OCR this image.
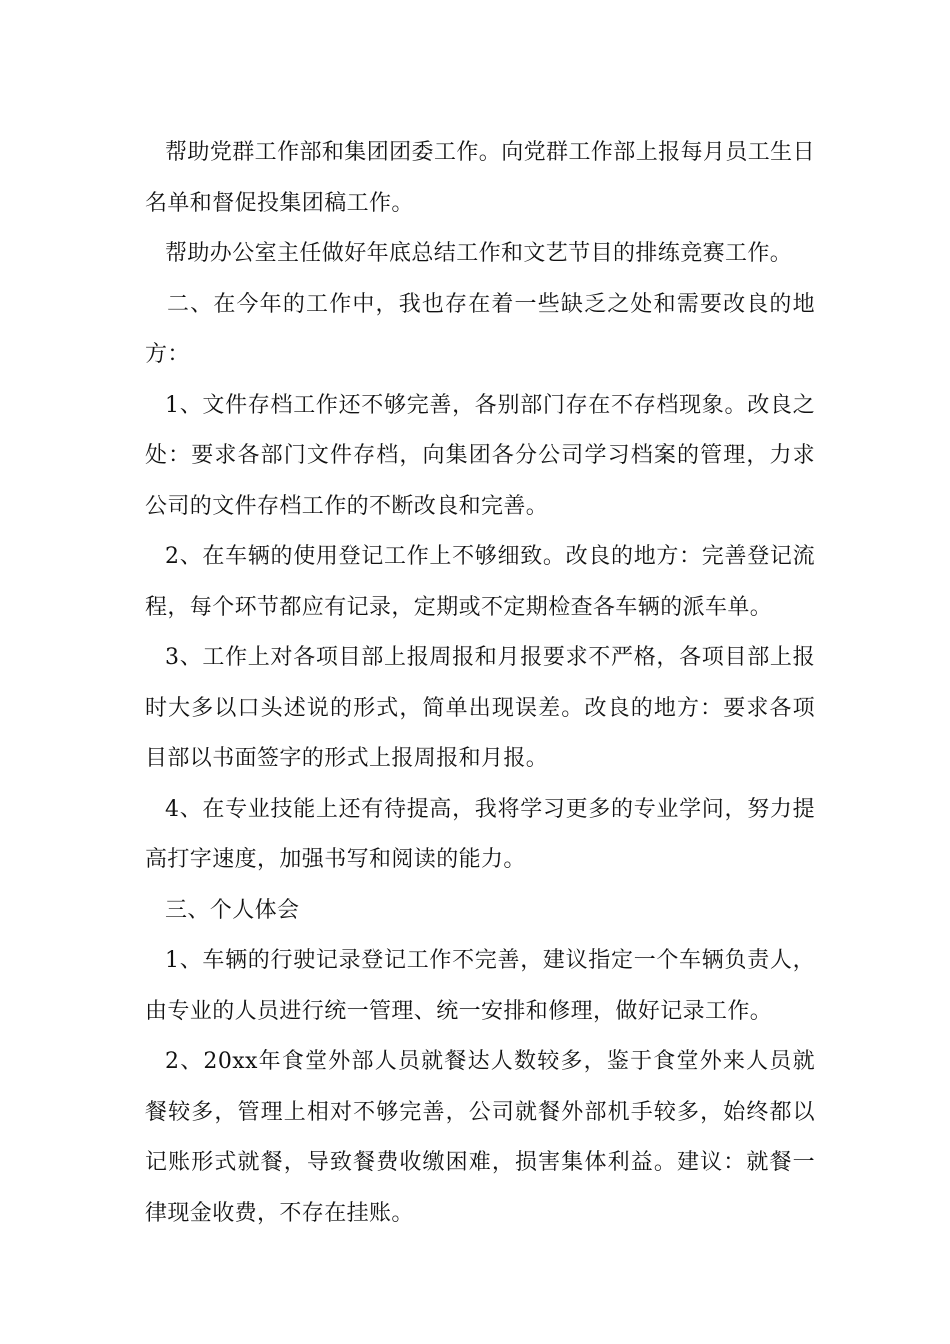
帮助党群工作部和集团团委工作。向党群工作部上报每月员工生日名单和督促投集团稿工作。

帮助办公室主任做好年底总结工作和文艺节目的排练竞赛工作。

二、在今年的工作中，我也存在着一些缺乏之处和需要改良的地方：

1、文件存档工作还不够完善，各别部门存在不存档现象。改良之处：要求各部门文件存档，向集团各分公司学习档案的管理，力求公司的文件存档工作的不断改良和完善。

2、在车辆的使用登记工作上不够细致。改良的地方：完善登记流程，每个环节都应有记录，定期或不定期检查各车辆的派车单。

3、工作上对各项目部上报周报和月报要求不严格，各项目部上报时大多以口头述说的形式，简单出现误差。改良的地方：要求各项目部以书面签字的形式上报周报和月报。

4、在专业技能上还有待提高，我将学习更多的专业学问，努力提高打字速度，加强书写和阅读的能力。

三、个人体会

1、车辆的行驶记录登记工作不完善，建议指定一个车辆负责人，由专业的人员进行统一管理、统一安排和修理，做好记录工作。

2、20xx年食堂外部人员就餐达人数较多，鉴于食堂外来人员就餐较多，管理上相对不够完善，公司就餐外部机手较多，始终都以记账形式就餐，导致餐费收缴困难，损害集体利益。建议：就餐一律现金收费，不存在挂账。
